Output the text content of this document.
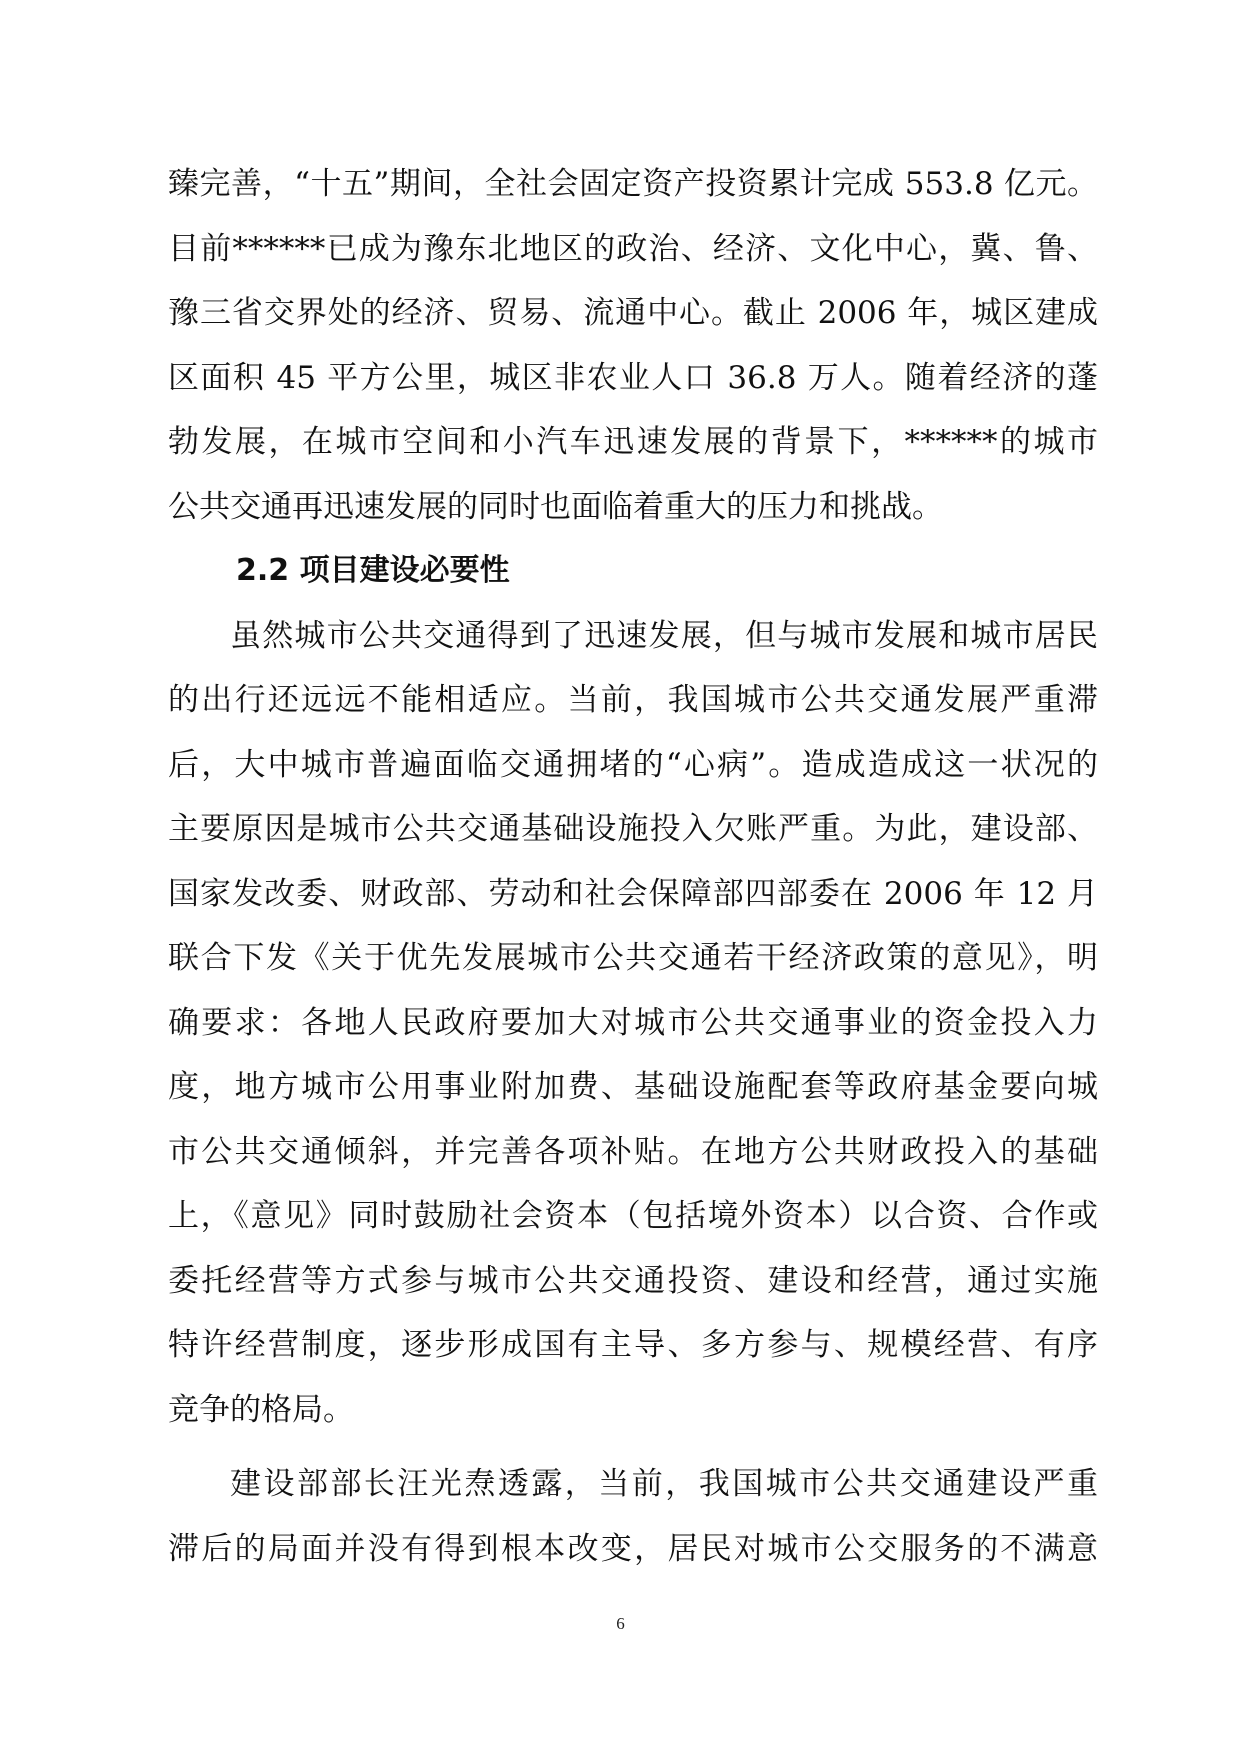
臻完善，“十五”期间，全社会固定资产投资累计完成 553.8 亿元。
目前******已成为豫东北地区的政治、经济、文化中心，冀、鲁、
豫三省交界处的经济、贸易、流通中心。截止 2006 年，城区建成
区面积 45 平方公里，城区非农业人口 36.8 万人。随着经济的蓬
勃发展，在城市空间和小汽车迅速发展的背景下，******的城市
公共交通再迅速发展的同时也面临着重大的压力和挑战。
2.2 项目建设必要性
虽然城市公共交通得到了迅速发展，但与城市发展和城市居民
的出行还远远不能相适应。当前，我国城市公共交通发展严重滞
后，大中城市普遍面临交通拥堵的“心病”。造成造成这一状况的
主要原因是城市公共交通基础设施投入欠账严重。为此，建设部、
国家发改委、财政部、劳动和社会保障部四部委在 2006 年 12 月
联合下发《关于优先发展城市公共交通若干经济政策的意见》，明
确要求：各地人民政府要加大对城市公共交通事业的资金投入力
度，地方城市公用事业附加费、基础设施配套等政府基金要向城
市公共交通倾斜，并完善各项补贴。在地方公共财政投入的基础
上，《意见》同时鼓励社会资本（包括境外资本）以合资、合作或
委托经营等方式参与城市公共交通投资、建设和经营，通过实施
特许经营制度，逐步形成国有主导、多方参与、规模经营、有序
竞争的格局。
建设部部长汪光焘透露，当前，我国城市公共交通建设严重
滞后的局面并没有得到根本改变，居民对城市公交服务的不满意
6
